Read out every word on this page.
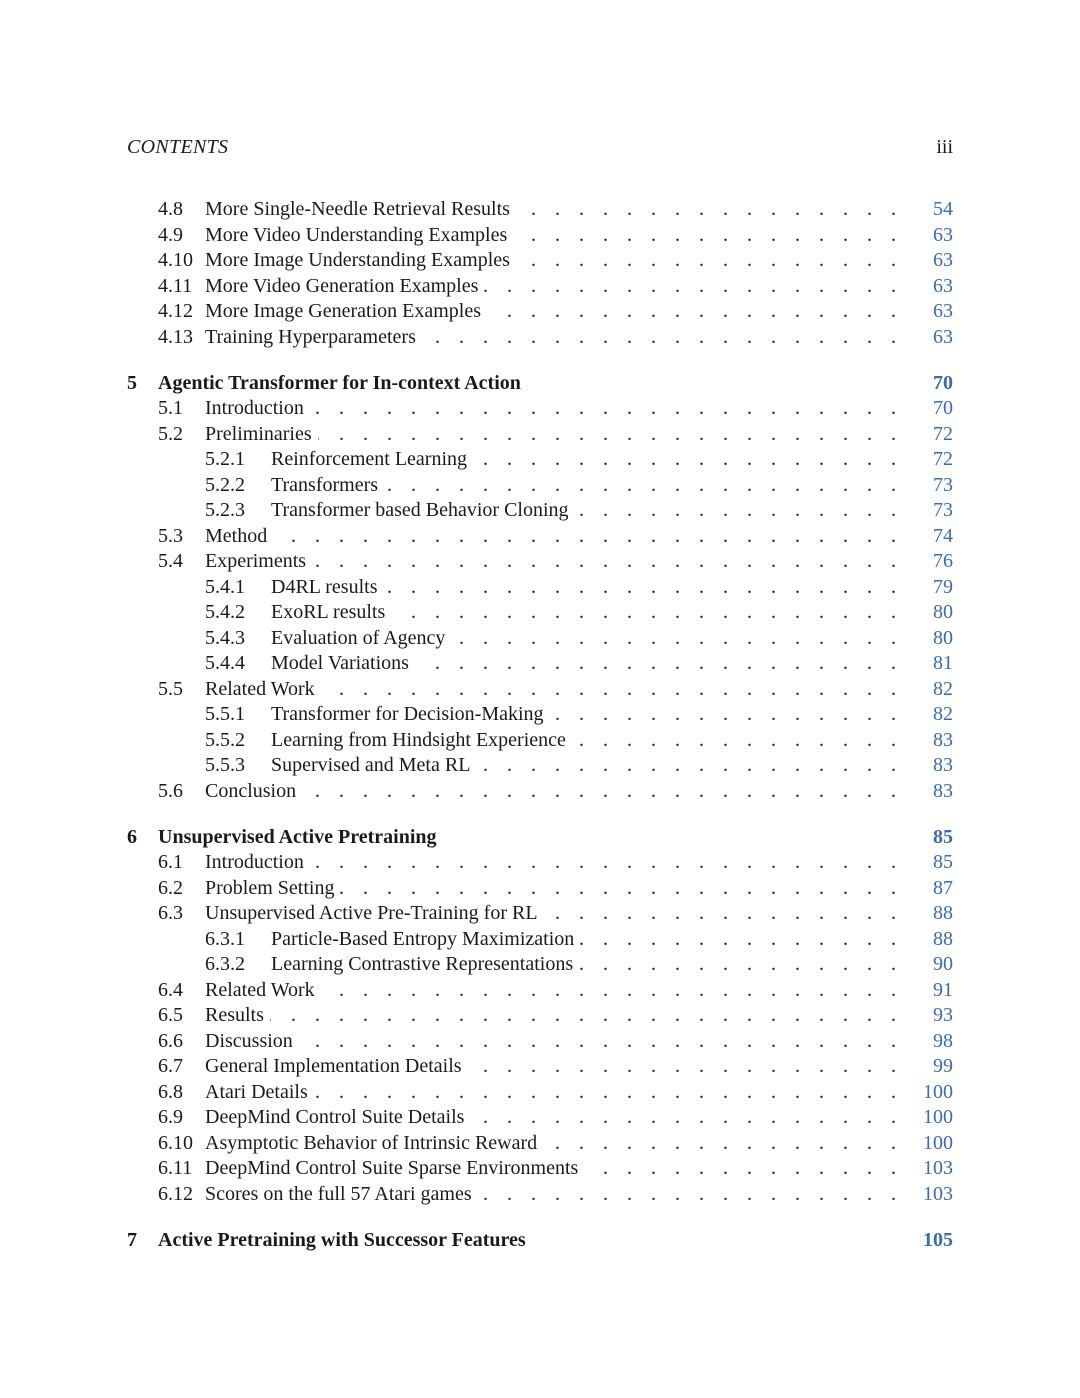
CONTENTS	iii
4.8	More Single-Needle Retrieval Results . . .	54
4.9	More Video Understanding Examples . . .	63
4.10 More Image Understanding Examples . . .	63
4.11 More Video Generation Examples . . .	63
4.12 More Image Generation Examples . . .	63
4.13 Training Hyperparameters . . .	63
5	Agentic Transformer for In-context Action	70
5.1	Introduction . . .	70
5.2	Preliminaries . . .	72
5.2.1	Reinforcement Learning . . .	72
5.2.2	Transformers . . .	73
5.2.3	Transformer based Behavior Cloning . . .	73
5.3	Method . . .	74
5.4	Experiments . . .	76
5.4.1	D4RL results . . .	79
5.4.2	ExoRL results . . .	80
5.4.3	Evaluation of Agency . . .	80
5.4.4	Model Variations . . .	81
5.5	Related Work . . .	82
5.5.1	Transformer for Decision-Making . . .	82
5.5.2	Learning from Hindsight Experience . . .	83
5.5.3	Supervised and Meta RL . . .	83
5.6	Conclusion . . .	83
6	Unsupervised Active Pretraining	85
6.1	Introduction . . .	85
6.2	Problem Setting . . .	87
6.3	Unsupervised Active Pre-Training for RL . . .	88
6.3.1	Particle-Based Entropy Maximization . . .	88
6.3.2	Learning Contrastive Representations . . .	90
6.4	Related Work . . .	91
6.5	Results . . .	93
6.6	Discussion . . .	98
6.7	General Implementation Details . . .	99
6.8	Atari Details . . .	100
6.9	DeepMind Control Suite Details . . .	100
6.10 Asymptotic Behavior of Intrinsic Reward . . .	100
6.11 DeepMind Control Suite Sparse Environments . . .	103
6.12 Scores on the full 57 Atari games . . .	103
7	Active Pretraining with Successor Features	105
